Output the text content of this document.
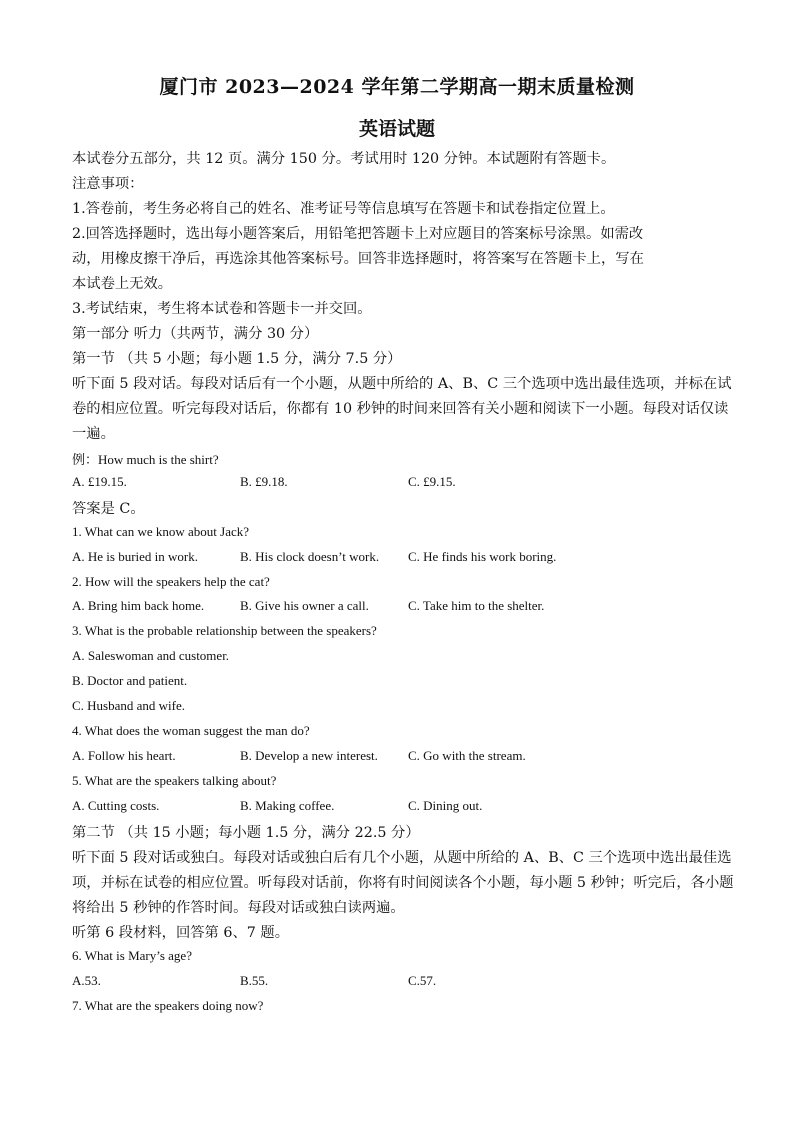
厦门市 2023—2024 学年第二学期高一期末质量检测
英语试题
本试卷分五部分，共 12 页。满分 150 分。考试用时 120 分钟。本试题附有答题卡。
注意事项：
1.答卷前，考生务必将自己的姓名、准考证号等信息填写在答题卡和试卷指定位置上。
2.回答选择题时，选出每小题答案后，用铅笔把答题卡上对应题目的答案标号涂黑。如需改
动，用橡皮擦干净后，再选涂其他答案标号。回答非选择题时，将答案写在答题卡上，写在
本试卷上无效。
3.考试结束，考生将本试卷和答题卡一并交回。
第一部分 听力（共两节，满分 30 分）
第一节 （共 5 小题；每小题 1.5 分，满分 7.5 分）
听下面 5 段对话。每段对话后有一个小题，从题中所给的 A、B、C 三个选项中选出最佳选项，并标在试
卷的相应位置。听完每段对话后，你都有 10 秒钟的时间来回答有关小题和阅读下一小题。每段对话仅读
一遍。
例：How much is the shirt?
A. £19.15.	B. £9.18.	C. £9.15.
答案是 C。
1. What can we know about Jack?
A. He is buried in work.	B. His clock doesn’t work. C. He finds his work boring.
2. How will the speakers help the cat?
A. Bring him back home.	B. Give his owner a call.	C. Take him to the shelter.
3. What is the probable relationship between the speakers?
A. Saleswoman and customer.
B. Doctor and patient.
C. Husband and wife.
4. What does the woman suggest the man do?
A. Follow his heart.	B. Develop a new interest. C. Go with the stream.
5. What are the speakers talking about?
A. Cutting costs.	B. Making coffee.	C. Dining out.
第二节 （共 15 小题；每小题 1.5 分，满分 22.5 分）
听下面 5 段对话或独白。每段对话或独白后有几个小题，从题中所给的 A、B、C 三个选项中选出最佳选
项，并标在试卷的相应位置。听每段对话前，你将有时间阅读各个小题，每小题 5 秒钟；听完后，各小题
将给出 5 秒钟的作答时间。每段对话或独白读两遍。
听第 6 段材料，回答第 6、7 题。
6. What is Mary’s age?
A.53.	B.55.	C.57.
7. What are the speakers doing now?
